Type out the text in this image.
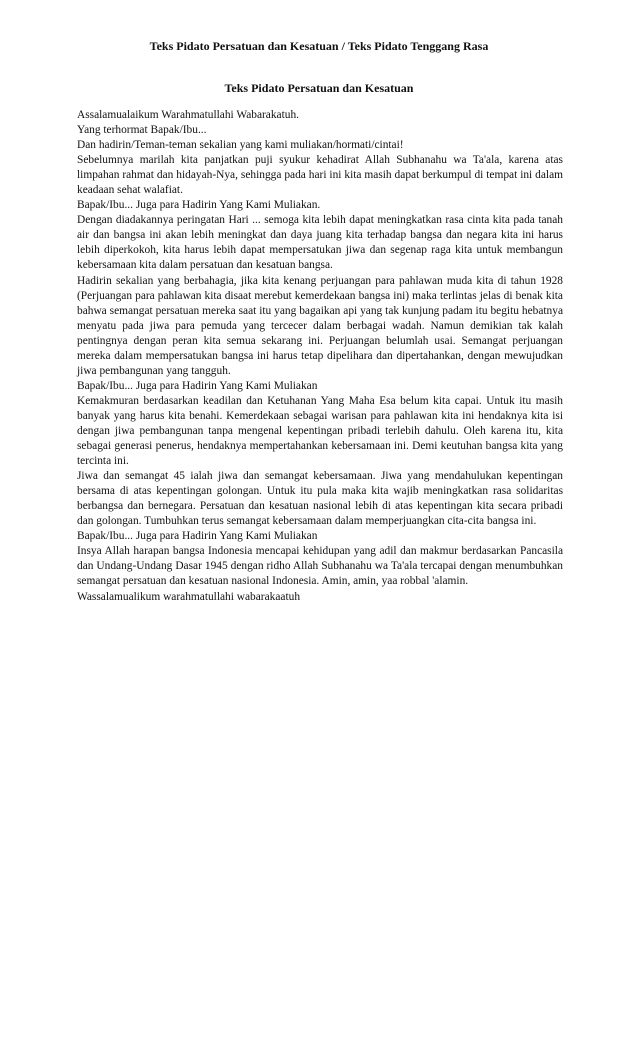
Teks Pidato Persatuan dan Kesatuan / Teks Pidato Tenggang Rasa
Teks Pidato Persatuan dan Kesatuan

Assalamualaikum Warahmatullahi Wabarakatuh.

Yang terhormat Bapak/Ibu...

Dan hadirin/Teman-teman sekalian yang kami muliakan/hormati/cintai!

Sebelumnya marilah kita panjatkan puji syukur kehadirat Allah Subhanahu wa Ta'ala, karena atas limpahan rahmat dan hidayah-Nya, sehingga pada hari ini kita masih dapat berkumpul di tempat ini dalam keadaan sehat walafiat.

Bapak/Ibu... Juga para Hadirin Yang Kami Muliakan.

Dengan diadakannya peringatan Hari ... semoga kita lebih dapat meningkatkan rasa cinta kita pada tanah air dan bangsa ini akan lebih meningkat dan daya juang kita terhadap bangsa dan negara kita ini harus lebih diperkokoh, kita harus lebih dapat mempersatukan jiwa dan segenap raga kita untuk membangun kebersamaan kita dalam persatuan dan kesatuan bangsa.

Hadirin sekalian yang berbahagia, jika kita kenang perjuangan para pahlawan muda kita di tahun 1928 (Perjuangan para pahlawan kita disaat merebut kemerdekaan bangsa ini) maka terlintas jelas di benak kita bahwa semangat persatuan mereka saat itu yang bagaikan api yang tak kunjung padam itu begitu hebatnya menyatu pada jiwa para pemuda yang tercecer dalam berbagai wadah. Namun demikian tak kalah pentingnya dengan peran kita semua sekarang ini. Perjuangan belumlah usai. Semangat perjuangan mereka dalam mempersatukan bangsa ini harus tetap dipelihara dan dipertahankan, dengan mewujudkan jiwa pembangunan yang tangguh.

Bapak/Ibu... Juga para Hadirin Yang Kami Muliakan

Kemakmuran berdasarkan keadilan dan Ketuhanan Yang Maha Esa belum kita capai. Untuk itu masih banyak yang harus kita benahi. Kemerdekaan sebagai warisan para pahlawan kita ini hendaknya kita isi dengan jiwa pembangunan tanpa mengenal kepentingan pribadi terlebih dahulu. Oleh karena itu, kita sebagai generasi penerus, hendaknya mempertahankan kebersamaan ini. Demi keutuhan bangsa kita yang tercinta ini.

Jiwa dan semangat 45 ialah jiwa dan semangat kebersamaan. Jiwa yang mendahulukan kepentingan bersama di atas kepentingan golongan. Untuk itu pula maka kita wajib meningkatkan rasa solidaritas berbangsa dan bernegara. Persatuan dan kesatuan nasional lebih di atas kepentingan kita secara pribadi dan golongan. Tumbuhkan terus semangat kebersamaan dalam memperjuangkan cita-cita bangsa ini.

Bapak/Ibu... Juga para Hadirin Yang Kami Muliakan

Insya Allah harapan bangsa Indonesia mencapai kehidupan yang adil dan makmur berdasarkan Pancasila dan Undang-Undang Dasar 1945 dengan ridho Allah Subhanahu wa Ta'ala tercapai dengan menumbuhkan semangat persatuan dan kesatuan nasional Indonesia. Amin, amin, yaa robbal 'alamin.

Wassalamualikum warahmatullahi wabarakaatuh
